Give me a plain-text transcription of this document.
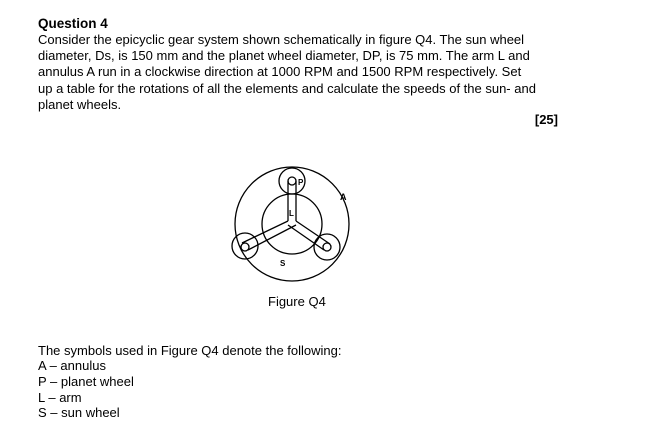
Question 4
Consider the epicyclic gear system shown schematically in figure Q4. The sun wheel
diameter, Ds, is 150 mm and the planet wheel diameter, DP, is 75 mm. The arm L and
annulus A run in a clockwise direction at 1000 RPM and 1500 RPM respectively. Set
up a table for the rotations of all the elements and calculate the speeds of the sun- and
planet wheels.
[25]
P
A
L
S
Figure Q4
The symbols used in Figure Q4 denote the following:
A – annulus
P – planet wheel
L – arm
S – sun wheel
